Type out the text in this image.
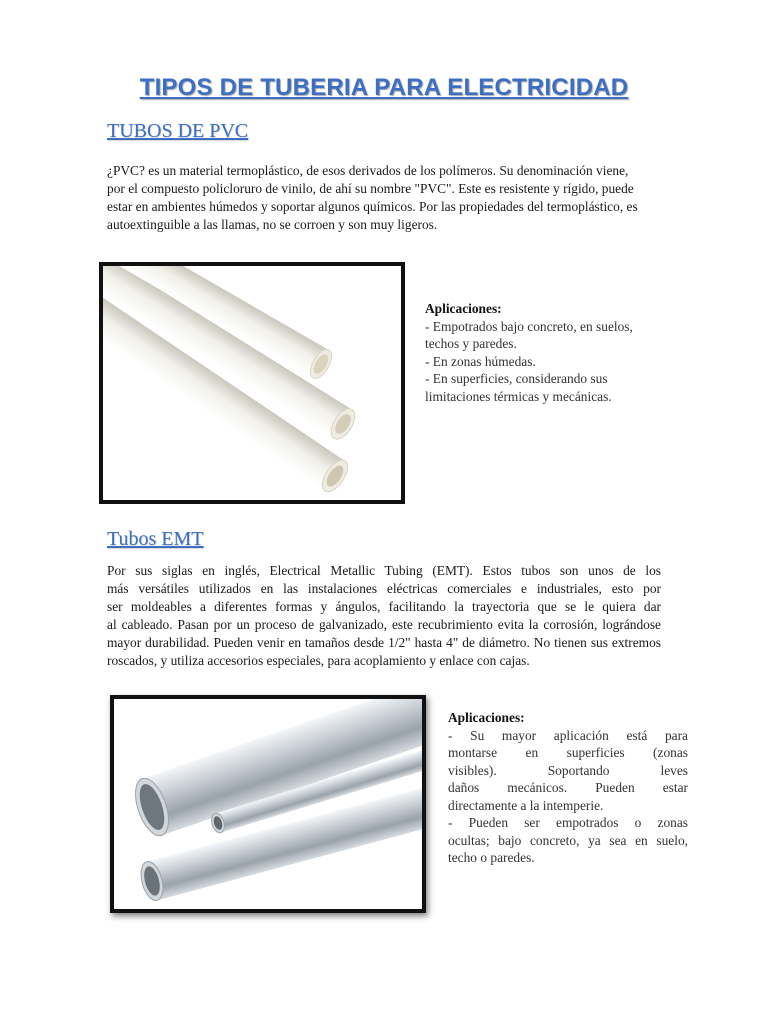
TIPOS DE TUBERIA PARA ELECTRICIDAD
TUBOS DE PVC
¿PVC? es un material termoplástico, de esos derivados de los polímeros. Su denominación viene,
por el compuesto policloruro de vinilo, de ahí su nombre "PVC". Este es resistente y rígido, puede
estar en ambientes húmedos y soportar algunos químicos. Por las propiedades del termoplástico, es
autoextinguible a las llamas, no se corroen y son muy ligeros.
Aplicaciones:
- Empotrados bajo concreto, en suelos,
techos y paredes.
- En zonas húmedas.
- En superficies, considerando sus
limitaciones térmicas y mecánicas.
Tubos EMT
Por sus siglas en inglés, Electrical Metallic Tubing (EMT). Estos tubos son unos de los
más versátiles utilizados en las instalaciones eléctricas comerciales e industriales, esto por
ser moldeables a diferentes formas y ángulos, facilitando la trayectoria que se le quiera dar
al cableado. Pasan por un proceso de galvanizado, este recubrimiento evita la corrosión, lográndose
mayor durabilidad. Pueden venir en tamaños desde 1/2" hasta 4" de diámetro. No tienen sus extremos
roscados, y utiliza accesorios especiales, para acoplamiento y enlace con cajas.
Aplicaciones:
- Su mayor aplicación está para
montarse en superficies (zonas
visibles). Soportando leves
daños mecánicos. Pueden estar
directamente a la intemperie.
- Pueden ser empotrados o zonas
ocultas; bajo concreto, ya sea en suelo,
techo o paredes.
